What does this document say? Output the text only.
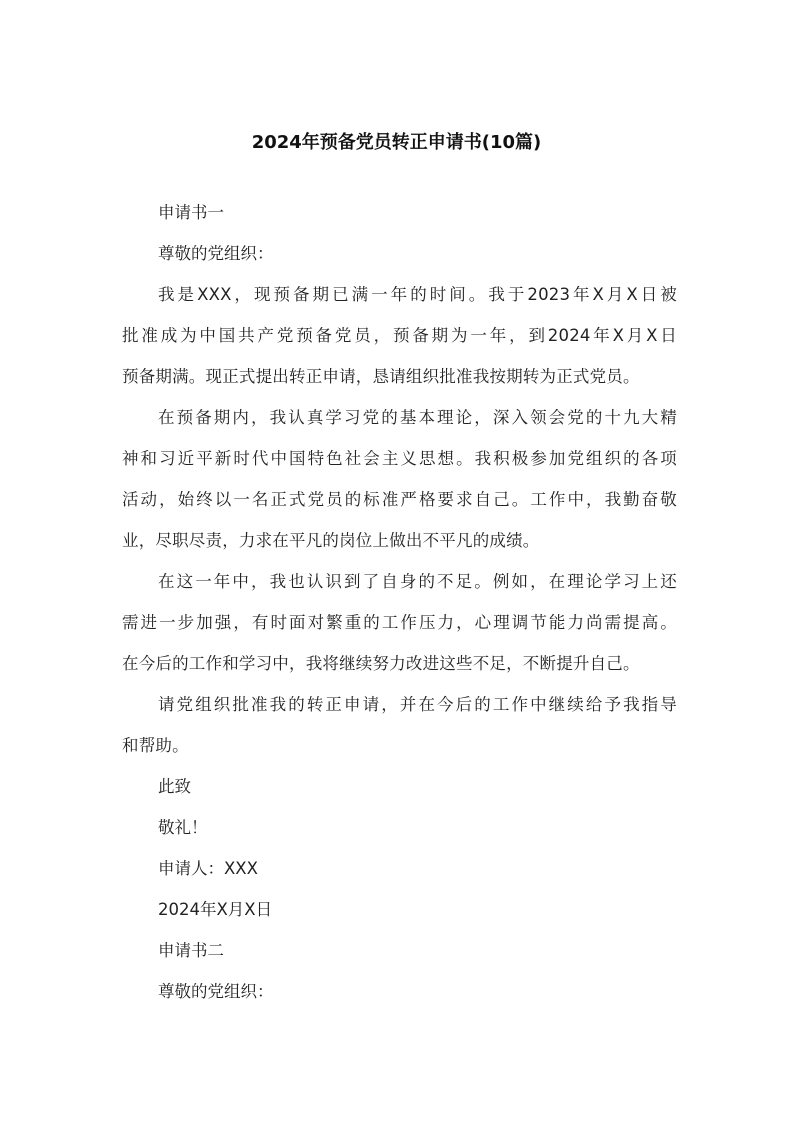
2024年预备党员转正申请书(10篇)
申请书一
尊敬的党组织：
我是XXX，现预备期已满一年的时间。我于2023年X月X日被
批准成为中国共产党预备党员，预备期为一年，到2024年X月X日
预备期满。现正式提出转正申请，恳请组织批准我按期转为正式党员。
在预备期内，我认真学习党的基本理论，深入领会党的十九大精
神和习近平新时代中国特色社会主义思想。我积极参加党组织的各项
活动，始终以一名正式党员的标准严格要求自己。工作中，我勤奋敬
业，尽职尽责，力求在平凡的岗位上做出不平凡的成绩。
在这一年中，我也认识到了自身的不足。例如，在理论学习上还
需进一步加强，有时面对繁重的工作压力，心理调节能力尚需提高。
在今后的工作和学习中，我将继续努力改进这些不足，不断提升自己。
请党组织批准我的转正申请，并在今后的工作中继续给予我指导
和帮助。
此致
敬礼！
申请人：XXX
2024年X月X日
申请书二
尊敬的党组织：
